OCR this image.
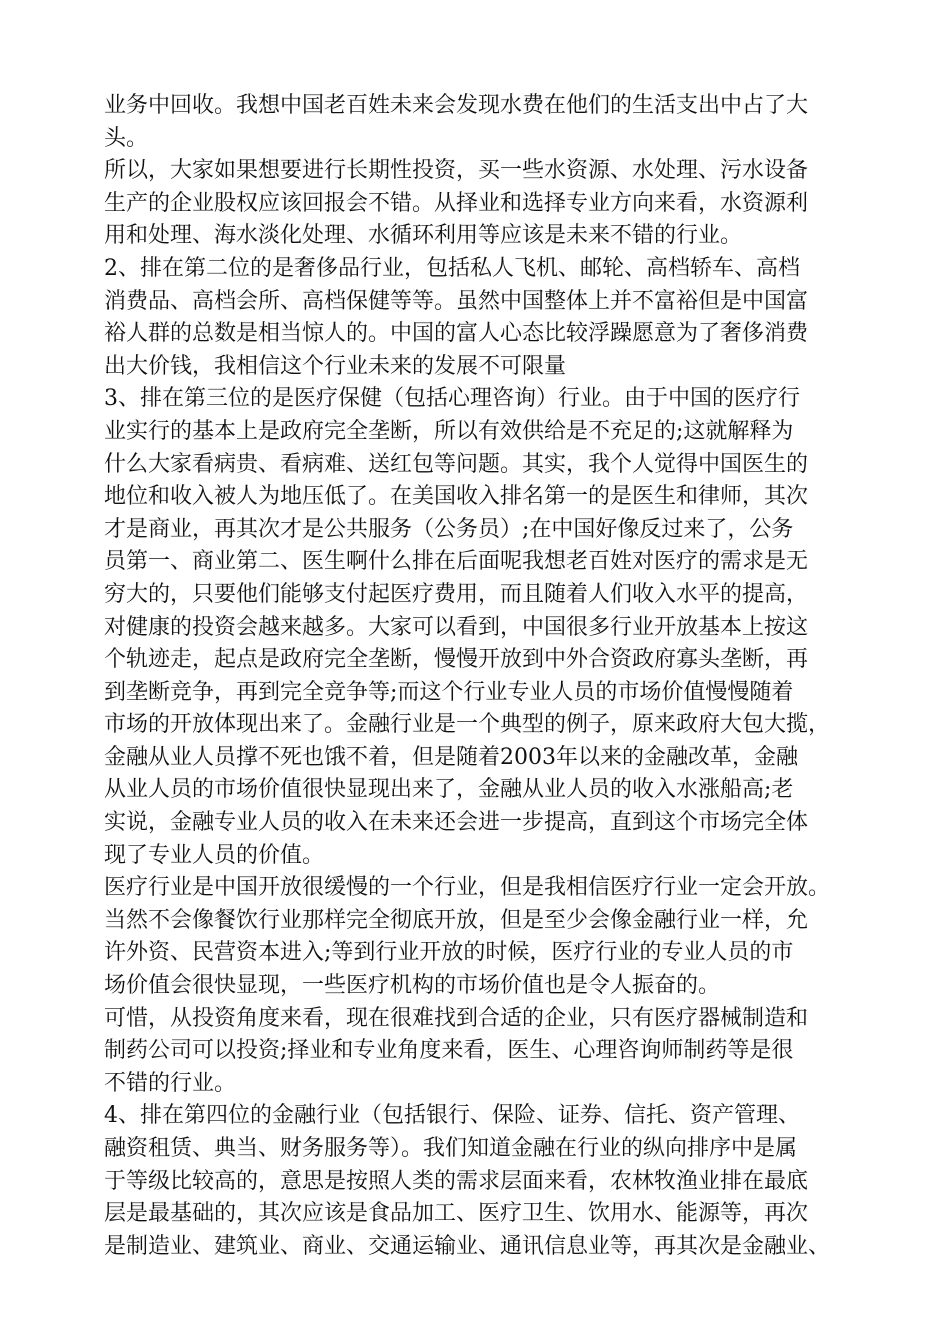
业务中回收。我想中国老百姓未来会发现水费在他们的生活支出中占了大
头。
所以，大家如果想要进行长期性投资，买一些水资源、水处理、污水设备
生产的企业股权应该回报会不错。从择业和选择专业方向来看，水资源利
用和处理、海水淡化处理、水循环利用等应该是未来不错的行业。
2、排在第二位的是奢侈品行业，包括私人飞机、邮轮、高档轿车、高档
消费品、高档会所、高档保健等等。虽然中国整体上并不富裕但是中国富
裕人群的总数是相当惊人的。中国的富人心态比较浮躁愿意为了奢侈消费
出大价钱，我相信这个行业未来的发展不可限量
3、排在第三位的是医疗保健（包括心理咨询）行业。由于中国的医疗行
业实行的基本上是政府完全垄断，所以有效供给是不充足的;这就解释为
什么大家看病贵、看病难、送红包等问题。其实，我个人觉得中国医生的
地位和收入被人为地压低了。在美国收入排名第一的是医生和律师，其次
才是商业，再其次才是公共服务（公务员）;在中国好像反过来了，公务
员第一、商业第二、医生啊什么排在后面呢我想老百姓对医疗的需求是无
穷大的，只要他们能够支付起医疗费用，而且随着人们收入水平的提高，
对健康的投资会越来越多。大家可以看到，中国很多行业开放基本上按这
个轨迹走，起点是政府完全垄断，慢慢开放到中外合资政府寡头垄断，再
到垄断竞争，再到完全竞争等;而这个行业专业人员的市场价值慢慢随着
市场的开放体现出来了。金融行业是一个典型的例子，原来政府大包大揽，
金融从业人员撑不死也饿不着，但是随着2003年以来的金融改革，金融
从业人员的市场价值很快显现出来了，金融从业人员的收入水涨船高;老
实说，金融专业人员的收入在未来还会进一步提高，直到这个市场完全体
现了专业人员的价值。
医疗行业是中国开放很缓慢的一个行业，但是我相信医疗行业一定会开放。
当然不会像餐饮行业那样完全彻底开放，但是至少会像金融行业一样，允
许外资、民营资本进入;等到行业开放的时候，医疗行业的专业人员的市
场价值会很快显现，一些医疗机构的市场价值也是令人振奋的。
可惜，从投资角度来看，现在很难找到合适的企业，只有医疗器械制造和
制药公司可以投资;择业和专业角度来看，医生、心理咨询师制药等是很
不错的行业。
4、排在第四位的金融行业（包括银行、保险、证券、信托、资产管理、
融资租赁、典当、财务服务等）。我们知道金融在行业的纵向排序中是属
于等级比较高的，意思是按照人类的需求层面来看，农林牧渔业排在最底
层是最基础的，其次应该是食品加工、医疗卫生、饮用水、能源等，再次
是制造业、建筑业、商业、交通运输业、通讯信息业等，再其次是金融业、
